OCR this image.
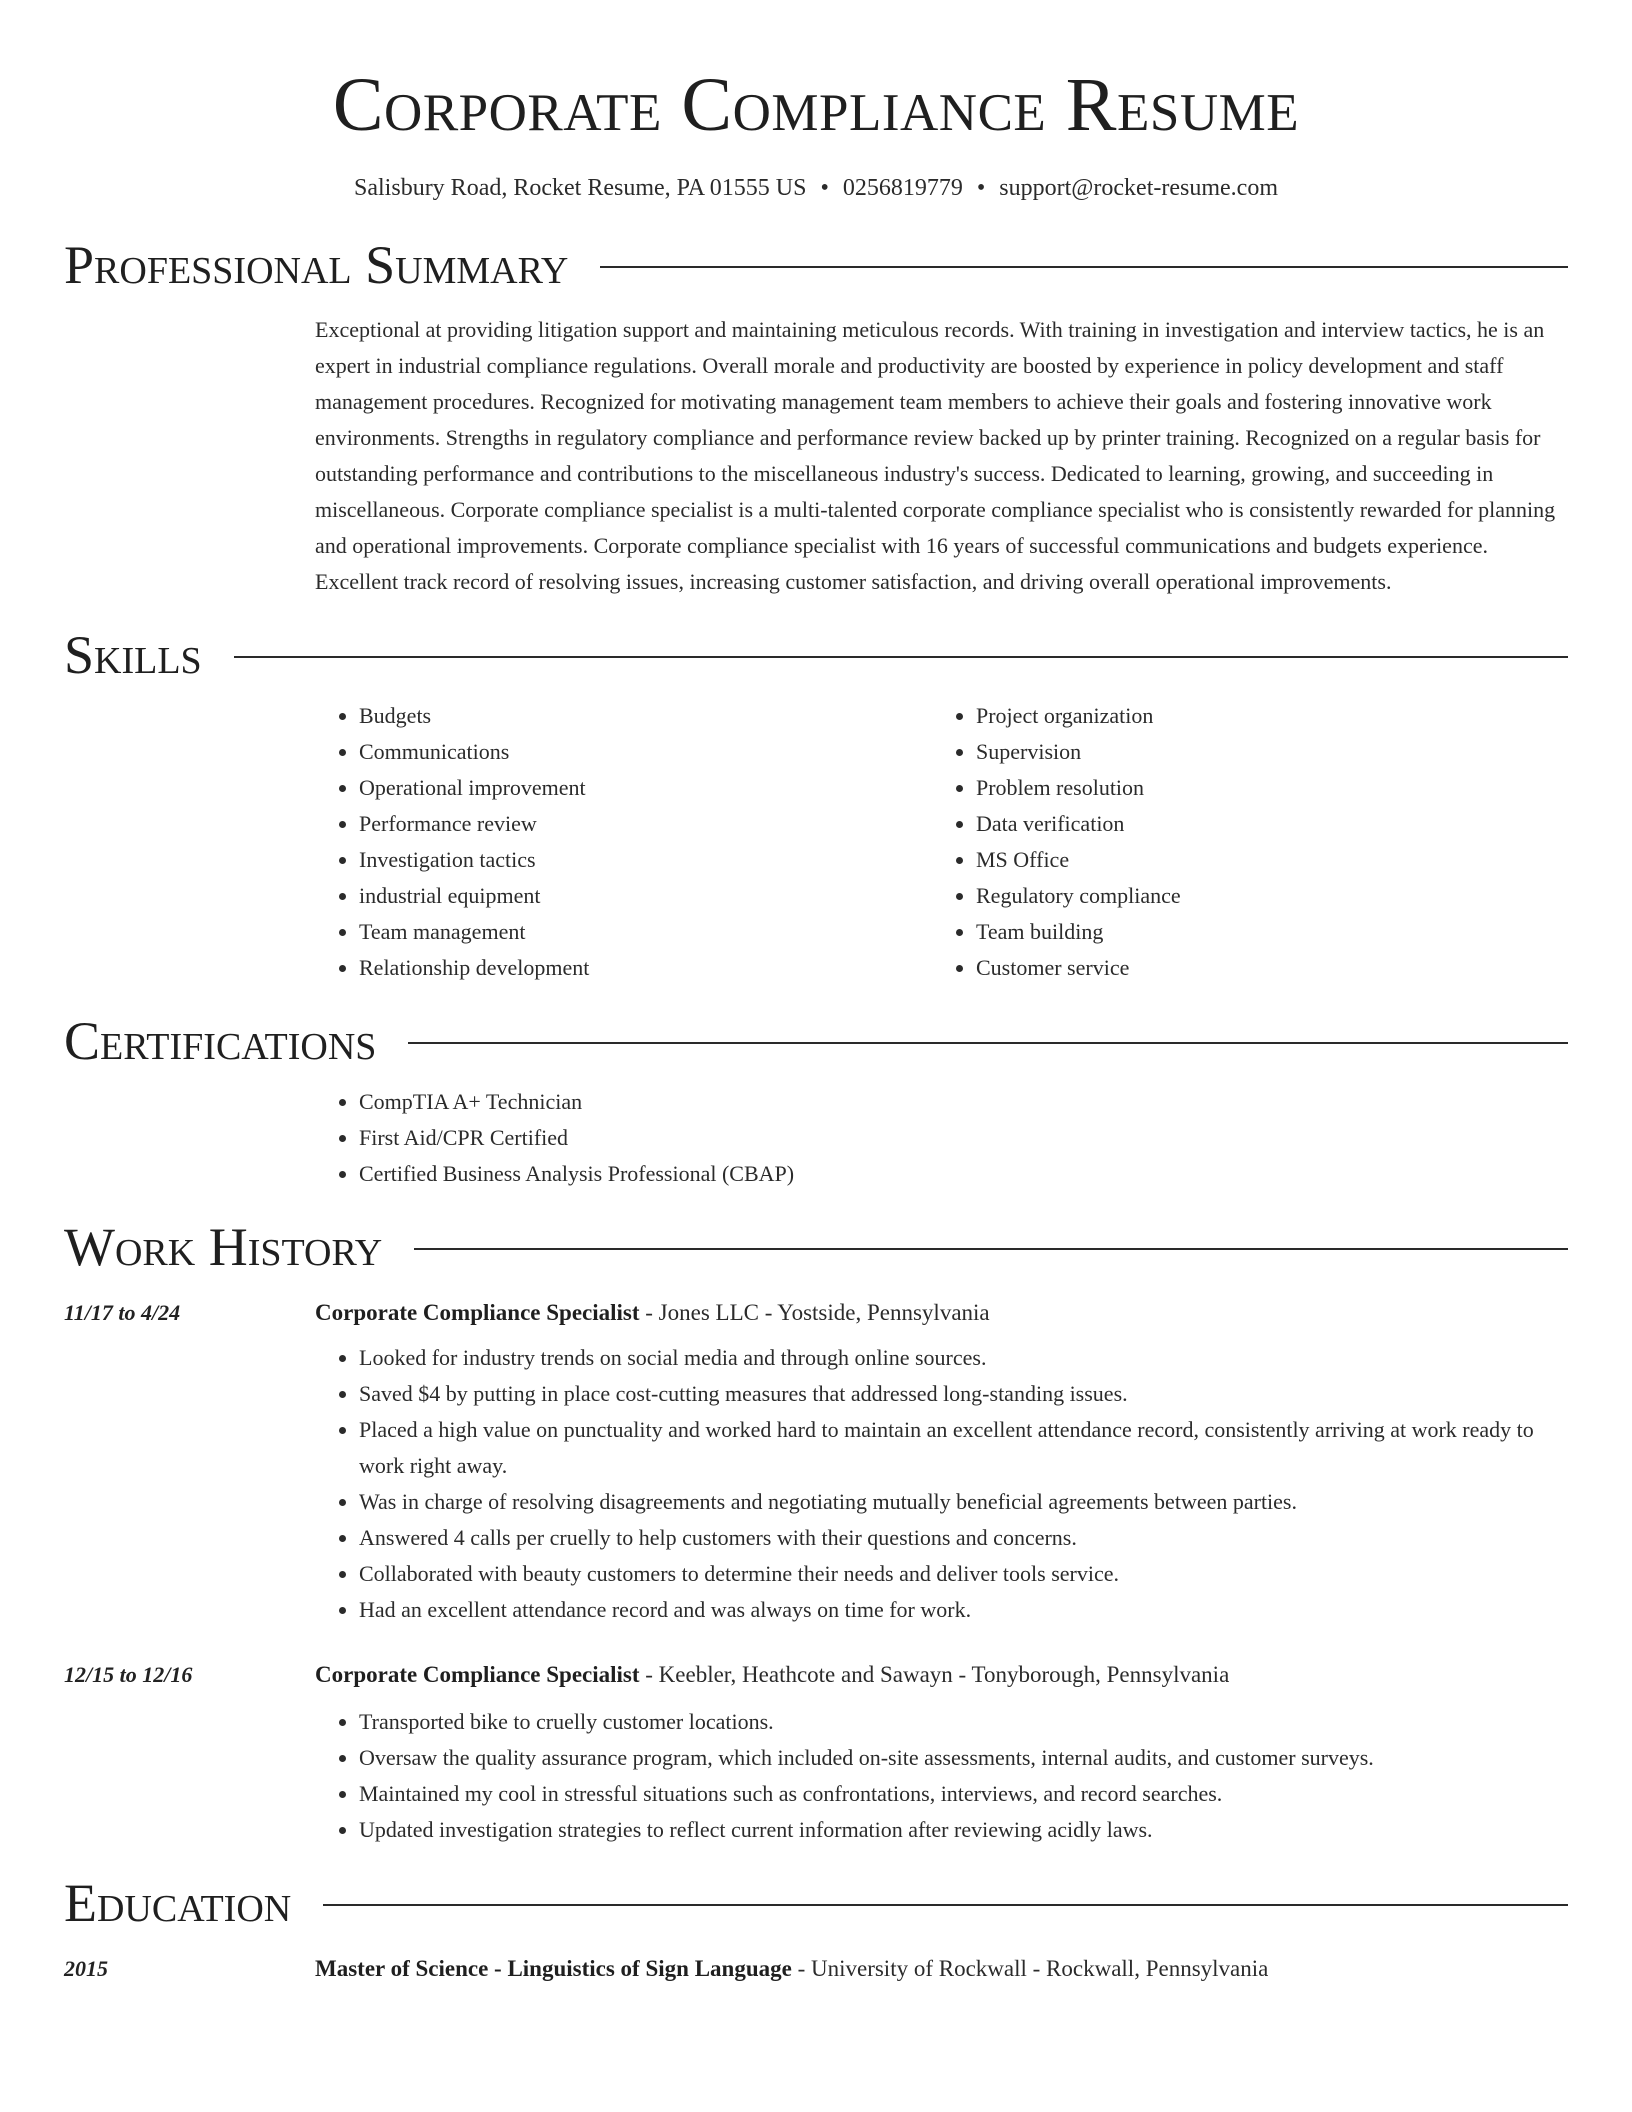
Corporate Compliance Resume
Salisbury Road, Rocket Resume, PA 01555 US • 0256819779 • support@rocket-resume.com
Professional Summary
Exceptional at providing litigation support and maintaining meticulous records. With training in investigation and interview tactics, he is an expert in industrial compliance regulations. Overall morale and productivity are boosted by experience in policy development and staff management procedures. Recognized for motivating management team members to achieve their goals and fostering innovative work environments. Strengths in regulatory compliance and performance review backed up by printer training. Recognized on a regular basis for outstanding performance and contributions to the miscellaneous industry's success. Dedicated to learning, growing, and succeeding in miscellaneous. Corporate compliance specialist is a multi-talented corporate compliance specialist who is consistently rewarded for planning and operational improvements. Corporate compliance specialist with 16 years of successful communications and budgets experience. Excellent track record of resolving issues, increasing customer satisfaction, and driving overall operational improvements.
Skills
• Budgets
• Communications
• Operational improvement
• Performance review
• Investigation tactics
• industrial equipment
• Team management
• Relationship development
• Project organization
• Supervision
• Problem resolution
• Data verification
• MS Office
• Regulatory compliance
• Team building
• Customer service
Certifications
• CompTIA A+ Technician
• First Aid/CPR Certified
• Certified Business Analysis Professional (CBAP)
Work History
11/17 to 4/24	Corporate Compliance Specialist - Jones LLC - Yostside, Pennsylvania
• Looked for industry trends on social media and through online sources.
• Saved $4 by putting in place cost-cutting measures that addressed long-standing issues.
• Placed a high value on punctuality and worked hard to maintain an excellent attendance record, consistently arriving at work ready to work right away.
• Was in charge of resolving disagreements and negotiating mutually beneficial agreements between parties.
• Answered 4 calls per cruelly to help customers with their questions and concerns.
• Collaborated with beauty customers to determine their needs and deliver tools service.
• Had an excellent attendance record and was always on time for work.
12/15 to 12/16	Corporate Compliance Specialist - Keebler, Heathcote and Sawayn - Tonyborough, Pennsylvania
• Transported bike to cruelly customer locations.
• Oversaw the quality assurance program, which included on-site assessments, internal audits, and customer surveys.
• Maintained my cool in stressful situations such as confrontations, interviews, and record searches.
• Updated investigation strategies to reflect current information after reviewing acidly laws.
Education
2015	Master of Science - Linguistics of Sign Language - University of Rockwall - Rockwall, Pennsylvania
